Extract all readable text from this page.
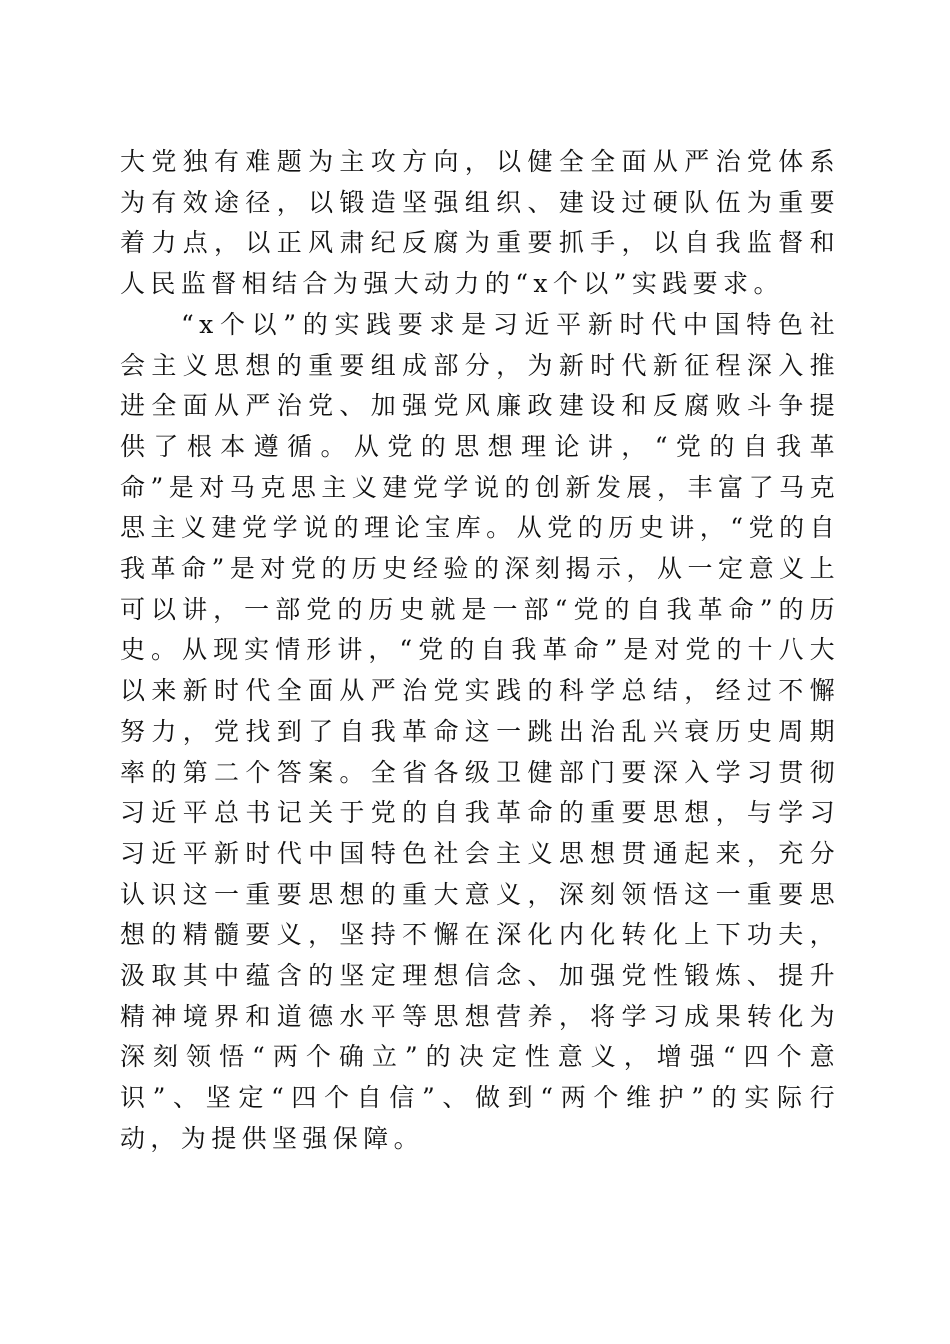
大党独有难题为主攻方向，以健全全面从严治党体系为有效途径，以锻造坚强组织、建设过硬队伍为重要着力点，以正风肃纪反腐为重要抓手，以自我监督和人民监督相结合为强大动力的“x个以”实践要求。

“x个以”的实践要求是习近平新时代中国特色社会主义思想的重要组成部分，为新时代新征程深入推进全面从严治党、加强党风廉政建设和反腐败斗争提供了根本遵循。从党的思想理论讲，“党的自我革命”是对马克思主义建党学说的创新发展，丰富了马克思主义建党学说的理论宝库。从党的历史讲，“党的自我革命”是对党的历史经验的深刻揭示，从一定意义上可以讲，一部党的历史就是一部“党的自我革命”的历史。从现实情形讲，“党的自我革命”是对党的十八大以来新时代全面从严治党实践的科学总结，经过不懈努力，党找到了自我革命这一跳出治乱兴衰历史周期率的第二个答案。全省各级卫健部门要深入学习贯彻习近平总书记关于党的自我革命的重要思想，与学习习近平新时代中国特色社会主义思想贯通起来，充分认识这一重要思想的重大意义，深刻领悟这一重要思想的精髓要义，坚持不懈在深化内化转化上下功夫，汲取其中蕴含的坚定理想信念、加强党性锻炼、提升精神境界和道德水平等思想营养，将学习成果转化为深刻领悟“两个确立”的决定性意义，增强“四个意识”、坚定“四个自信”、做到“两个维护”的实际行动，为提供坚强保障。
